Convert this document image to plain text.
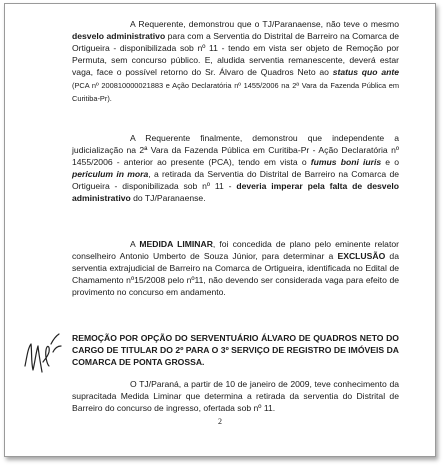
A Requerente, demonstrou que o TJ/Paranaense, não teve o mesmo desvelo administrativo para com a Serventia do Distrital de Barreiro na Comarca de Ortigueira - disponibilizada sob nº 11 - tendo em vista ser objeto de Remoção por Permuta, sem concurso público. E, aludida serventia remanescente, deverá estar vaga, face o possível retorno do Sr. Álvaro de Quadros Neto ao status quo ante (PCA nº 200810000021883 e Ação Declaratória nº 1455/2006 na 2ª Vara da Fazenda Pública em Curitiba-Pr).

A Requerente finalmente, demonstrou que independente a judicialização na 2ª Vara da Fazenda Pública em Curitiba-Pr - Ação Declaratória nº 1455/2006 - anterior ao presente (PCA), tendo em vista o fumus boni iuris e o periculum in mora, a retirada da Serventia do Distrital de Barreiro na Comarca de Ortigueira - disponibilizada sob nº 11 - deveria imperar pela falta de desvelo administrativo do TJ/Paranaense.

A MEDIDA LIMINAR, foi concedida de plano pelo eminente relator conselheiro Antonio Umberto de Souza Júnior, para determinar a EXCLUSÃO da serventia extrajudicial de Barreiro na Comarca de Ortigueira, identificada no Edital de Chamamento nº15/2008 pelo nº11, não devendo ser considerada vaga para efeito de provimento no concurso em andamento.

REMOÇÃO POR OPÇÃO DO SERVENTUÁRIO ÁLVARO DE QUADROS NETO DO CARGO DE TITULAR DO 2º PARA O 3º SERVIÇO DE REGISTRO DE IMÓVEIS DA COMARCA DE PONTA GROSSA.

O TJ/Paraná, a partir de 10 de janeiro de 2009, teve conhecimento da supracitada Medida Liminar que determina a retirada da serventia do Distrital de Barreiro do concurso de ingresso, ofertada sob nº 11.

2
